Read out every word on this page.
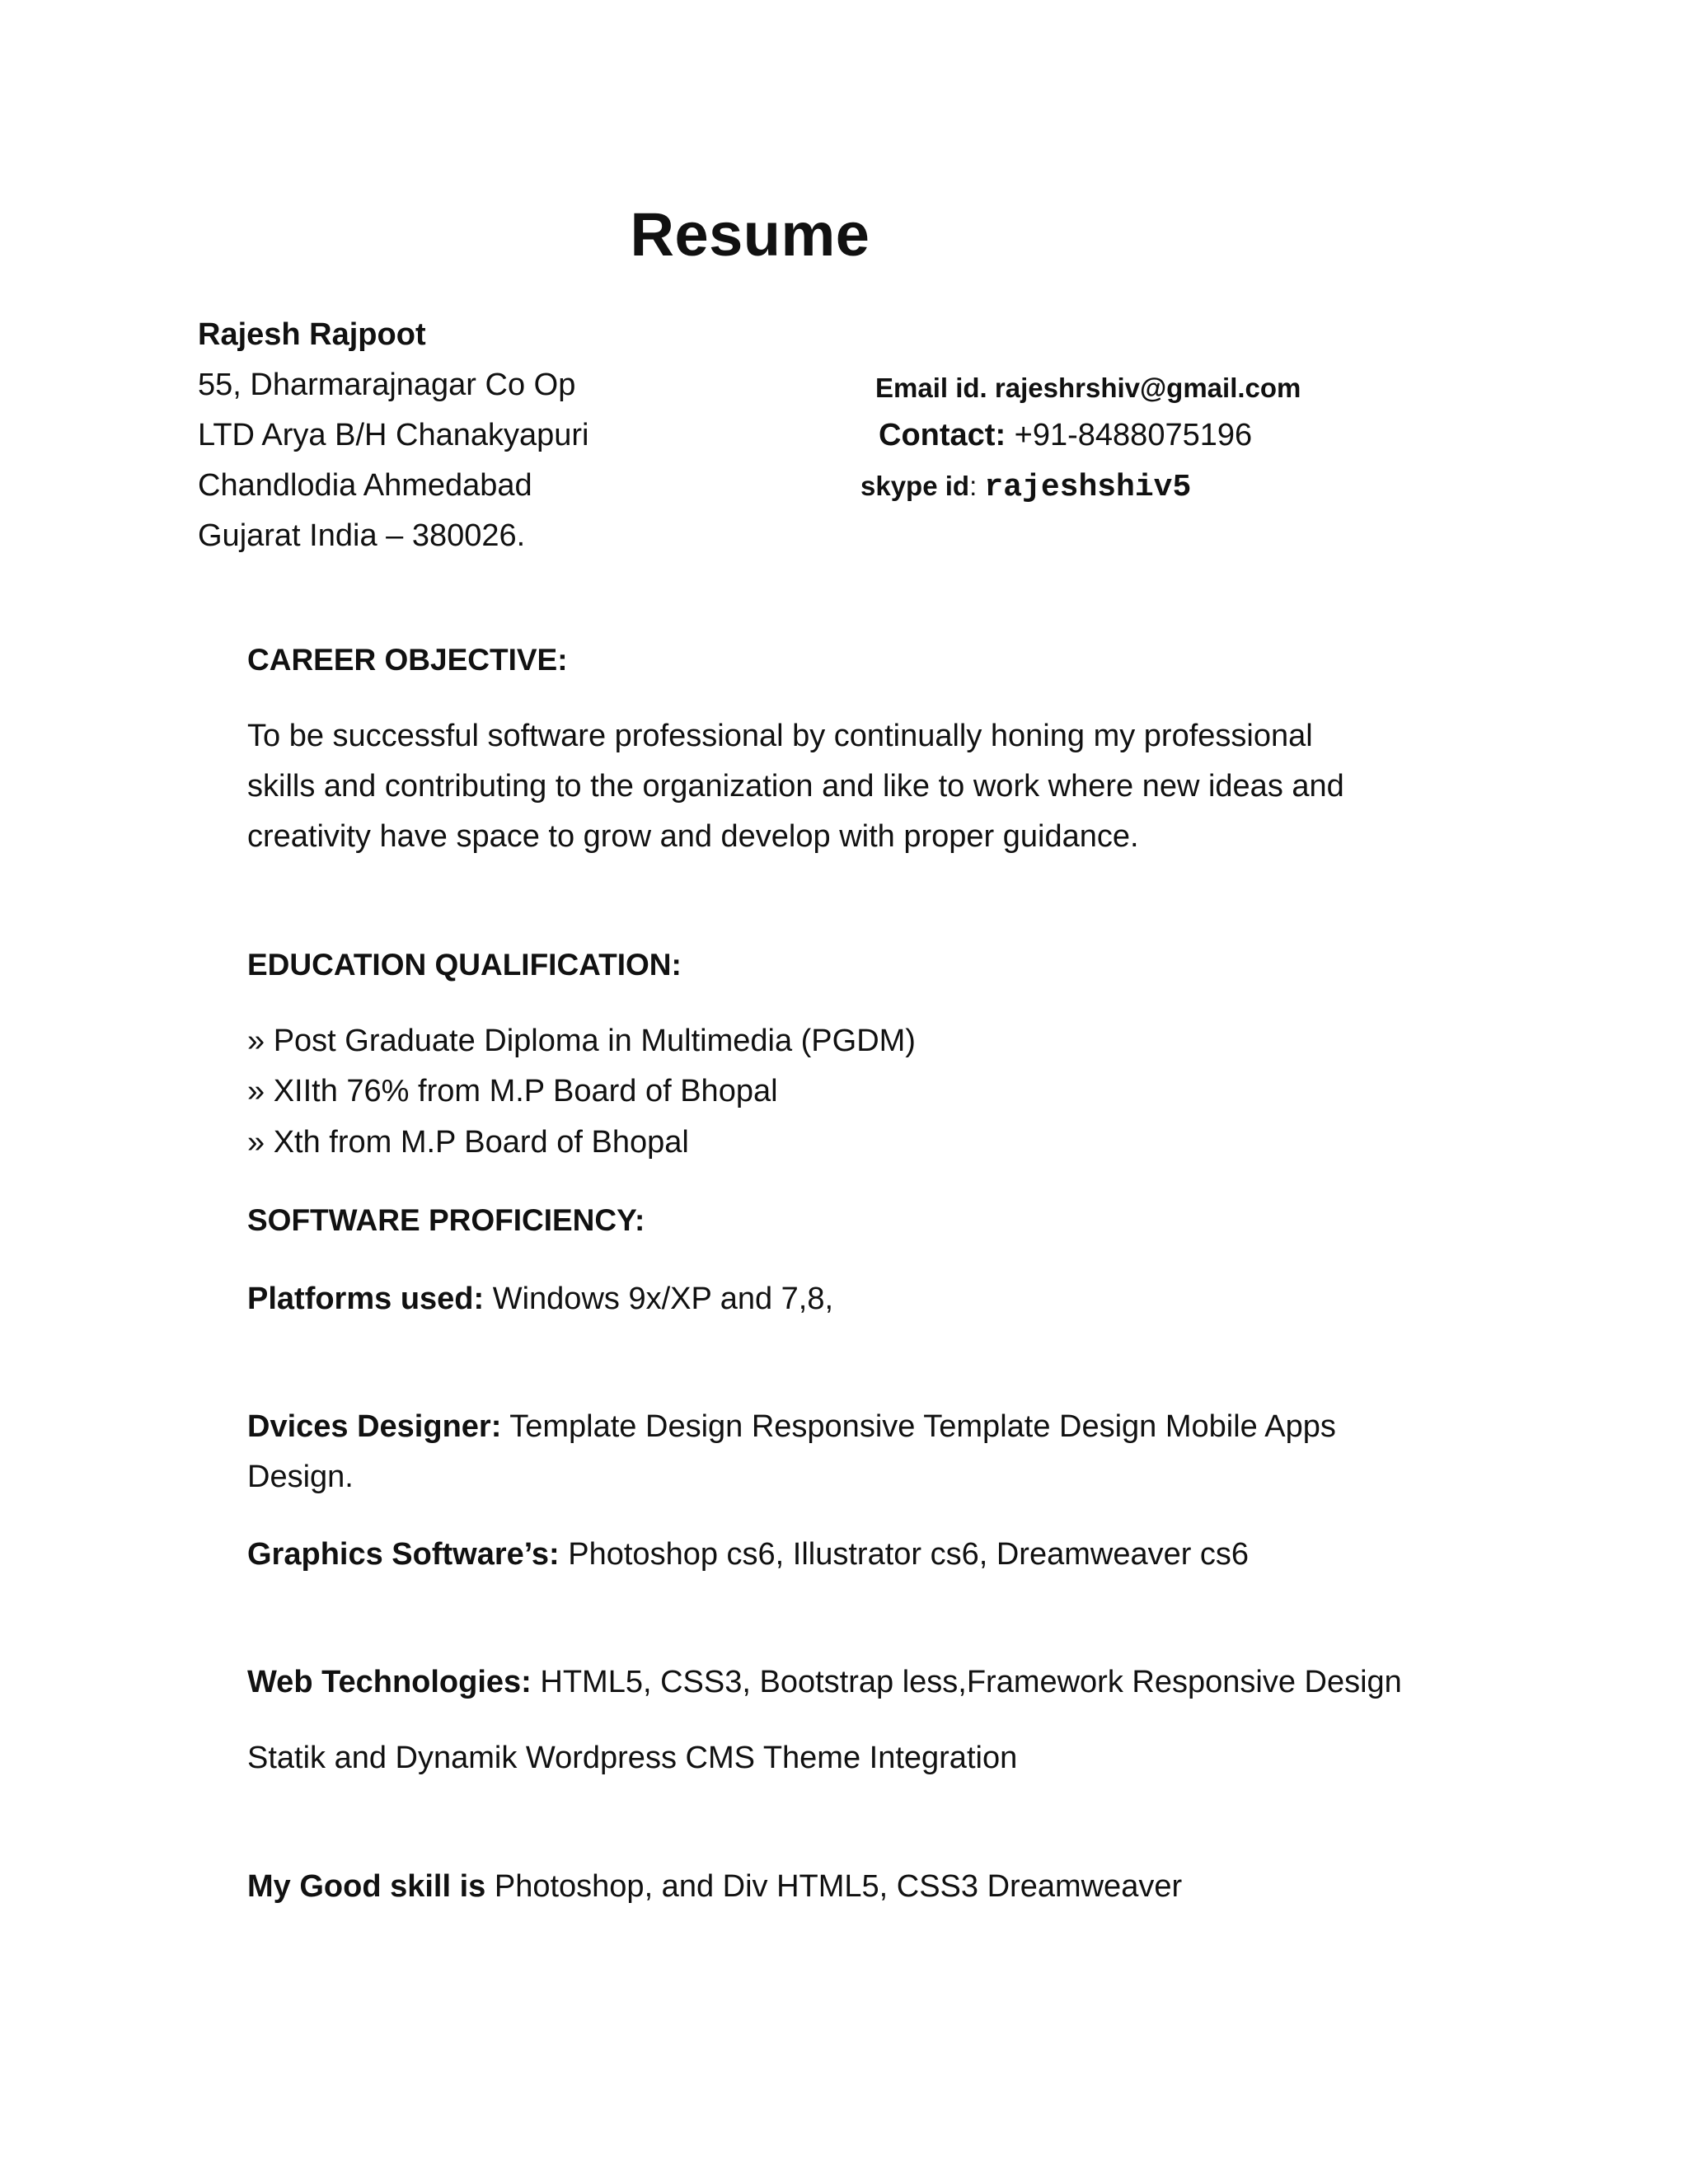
Resume
Rajesh Rajpoot
55, Dharmarajnagar Co Op
LTD Arya B/H Chanakyapuri
Chandlodia Ahmedabad
Gujarat India – 380026.
Email id. rajeshrshiv@gmail.com
Contact: +91-8488075196
skype id: rajeshshiv5
CAREER OBJECTIVE:
To be successful software professional by continually honing my professional
skills and contributing to the organization and like to work where new ideas and
creativity have space to grow and develop with proper guidance.
EDUCATION QUALIFICATION:
» Post Graduate Diploma in Multimedia (PGDM)
» XIIth 76% from M.P Board of Bhopal
» Xth from M.P Board of Bhopal
SOFTWARE PROFICIENCY:
Platforms used: Windows 9x/XP and 7,8,
Dvices Designer: Template Design Responsive Template Design Mobile Apps
Design.
Graphics Software’s: Photoshop cs6, Illustrator cs6, Dreamweaver cs6
Web Technologies: HTML5, CSS3, Bootstrap less,Framework Responsive Design
Statik and Dynamik Wordpress CMS Theme Integration
My Good skill is Photoshop, and Div HTML5, CSS3 Dreamweaver
